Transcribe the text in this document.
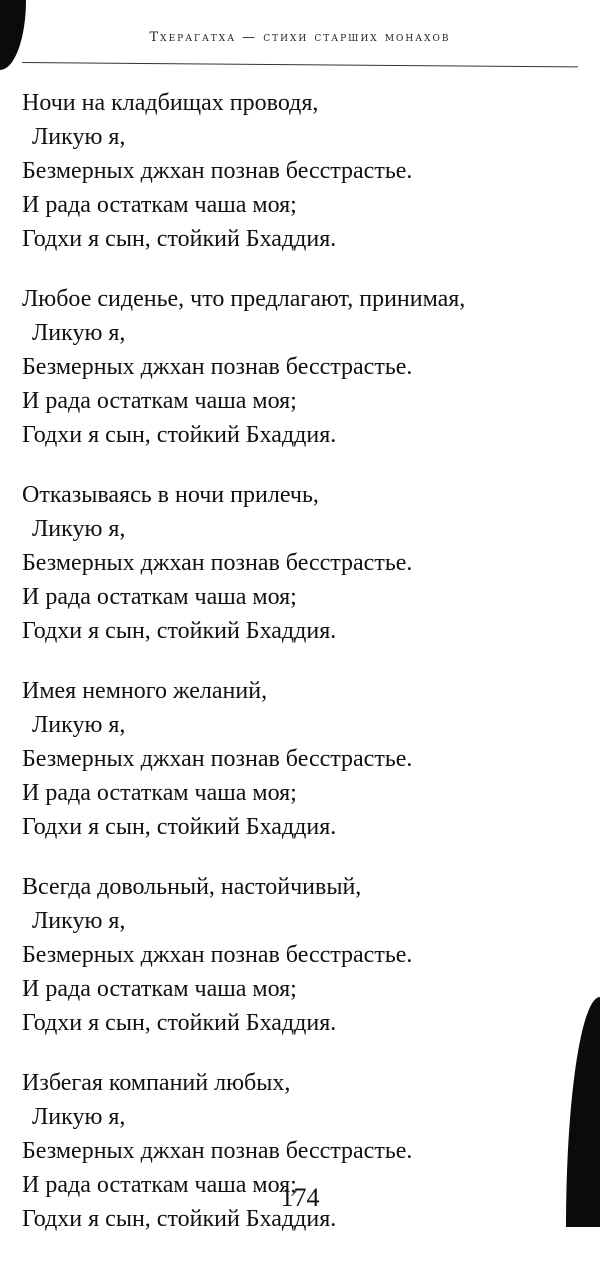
Тхерагатха — стихи старших монахов
Ночи на кладбищах проводя,
Ликую я,
Безмерных джхан познав бесстрастье.
И рада остаткам чаша моя;
Годхи я сын, стойкий Бхаддия.
Любое сиденье, что предлагают, принимая,
Ликую я,
Безмерных джхан познав бесстрастье.
И рада остаткам чаша моя;
Годхи я сын, стойкий Бхаддия.
Отказываясь в ночи прилечь,
Ликую я,
Безмерных джхан познав бесстрастье.
И рада остаткам чаша моя;
Годхи я сын, стойкий Бхаддия.
Имея немного желаний,
Ликую я,
Безмерных джхан познав бесстрастье.
И рада остаткам чаша моя;
Годхи я сын, стойкий Бхаддия.
Всегда довольный, настойчивый,
Ликую я,
Безмерных джхан познав бесстрастье.
И рада остаткам чаша моя;
Годхи я сын, стойкий Бхаддия.
Избегая компаний любых,
Ликую я,
Безмерных джхан познав бесстрастье.
И рада остаткам чаша моя;
Годхи я сын, стойкий Бхаддия.
174
